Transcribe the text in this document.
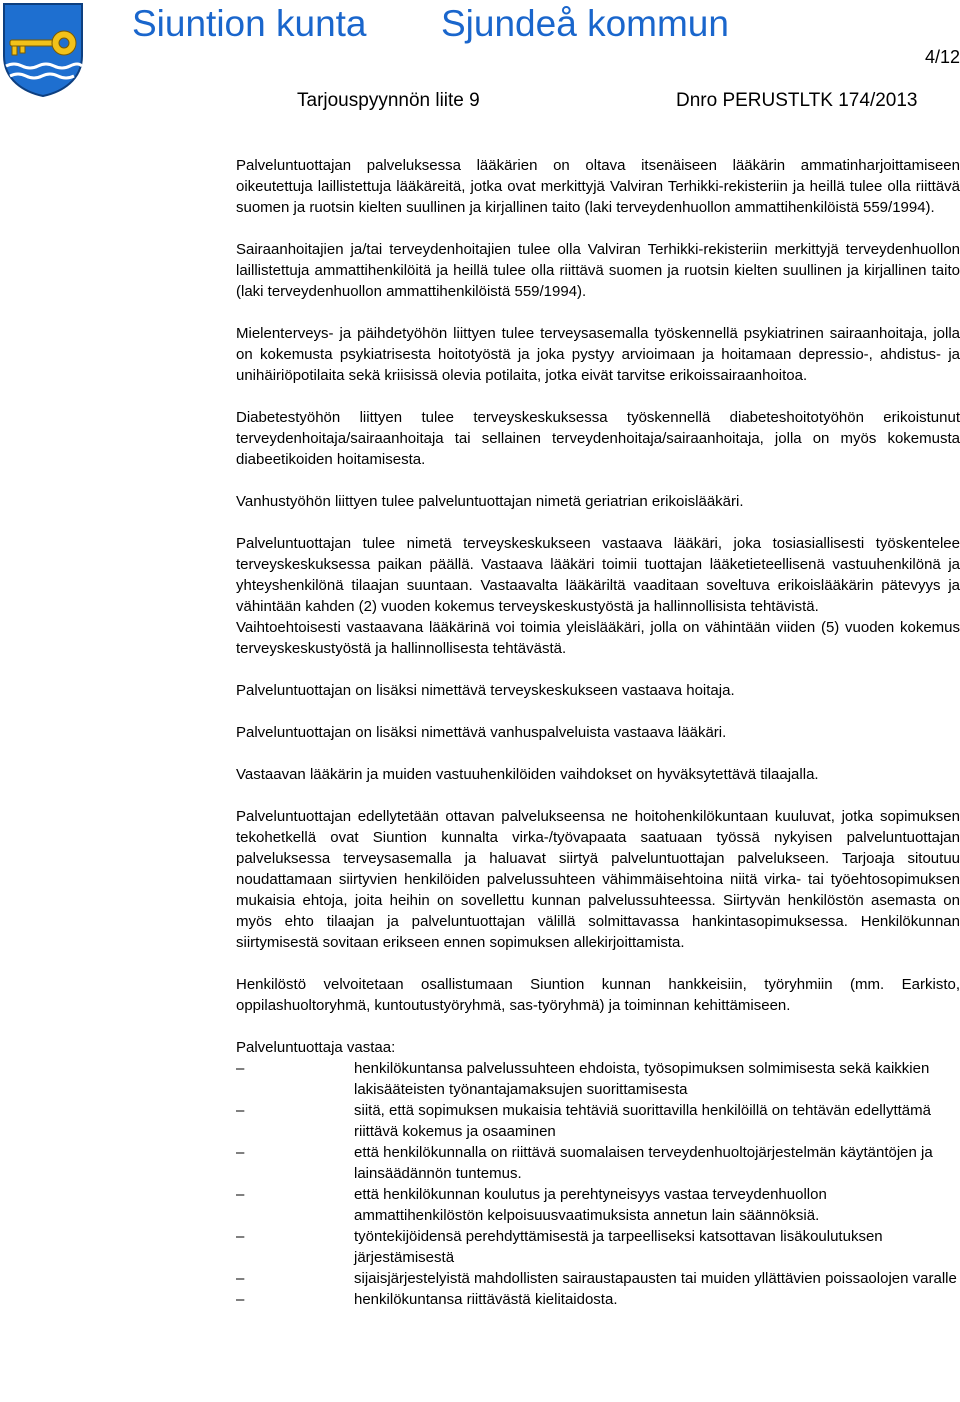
Siuntion kunta Sjundeå kommun
4/12
Tarjouspyynnön liite 9	Dnro PERUSTLTK 174/2013

Palveluntuottajan palveluksessa lääkärien on oltava itsenäiseen lääkärin ammatinharjoittamiseen oikeutettuja laillistettuja lääkäreitä, jotka ovat merkittyjä Valviran Terhikki-rekisteriin ja heillä tulee olla riittävä suomen ja ruotsin kielten suullinen ja kirjallinen taito (laki terveydenhuollon ammattihenkilöistä 559/1994).

Sairaanhoitajien ja/tai terveydenhoitajien tulee olla Valviran Terhikki-rekisteriin merkittyjä terveydenhuollon laillistettuja ammattihenkilöitä ja heillä tulee olla riittävä suomen ja ruotsin kielten suullinen ja kirjallinen taito (laki terveydenhuollon ammattihenkilöistä 559/1994).

Mielenterveys- ja päihdetyöhön liittyen tulee terveysasemalla työskennellä psykiatrinen sairaanhoitaja, jolla on kokemusta psykiatrisesta hoitotyöstä ja joka pystyy arvioimaan ja hoitamaan depressio-, ahdistus- ja unihäiriöpotilaita sekä kriisissä olevia potilaita, jotka eivät tarvitse erikoissairaanhoitoa.

Diabetestyöhön liittyen tulee terveyskeskuksessa työskennellä diabeteshoitotyöhön erikoistunut terveydenhoitaja/sairaanhoitaja tai sellainen terveydenhoitaja/sairaanhoitaja, jolla on myös kokemusta diabeetikoiden hoitamisesta.

Vanhustyöhön liittyen tulee palveluntuottajan nimetä geriatrian erikoislääkäri.

Palveluntuottajan tulee nimetä terveyskeskukseen vastaava lääkäri, joka tosiasiallisesti työskentelee terveyskeskuksessa paikan päällä. Vastaava lääkäri toimii tuottajan lääketieteellisenä vastuuhenkilönä ja yhteyshenkilönä tilaajan suuntaan. Vastaavalta lääkäriltä vaaditaan soveltuva erikoislääkärin pätevyys ja vähintään kahden (2) vuoden kokemus terveyskeskustyöstä ja hallinnollisista tehtävistä.

Vaihtoehtoisesti vastaavana lääkärinä voi toimia yleislääkäri, jolla on vähintään viiden (5) vuoden kokemus terveyskeskustyöstä ja hallinnollisesta tehtävästä.

Palveluntuottajan on lisäksi nimettävä terveyskeskukseen vastaava hoitaja.

Palveluntuottajan on lisäksi nimettävä vanhuspalveluista vastaava lääkäri.

Vastaavan lääkärin ja muiden vastuuhenkilöiden vaihdokset on hyväksytettävä tilaajalla.

Palveluntuottajan edellytetään ottavan palvelukseensa ne hoitohenkilökuntaan kuuluvat, jotka sopimuksen tekohetkellä ovat Siuntion kunnalta virka-/työvapaata saatuaan työssä nykyisen palveluntuottajan palveluksessa terveysasemalla ja haluavat siirtyä palveluntuottajan palvelukseen. Tarjoaja sitoutuu noudattamaan siirtyvien henkilöiden palvelussuhteen vähimmäisehtoina niitä virka- tai työehtosopimuksen mukaisia ehtoja, joita heihin on sovellettu kunnan palvelussuhteessa. Siirtyvän henkilöstön asemasta on myös ehto tilaajan ja palveluntuottajan välillä solmittavassa hankintasopimuksessa. Henkilökunnan siirtymisestä sovitaan erikseen ennen sopimuksen allekirjoittamista.

Henkilöstö velvoitetaan osallistumaan Siuntion kunnan hankkeisiin, työryhmiin (mm. Earkisto, oppilashuoltoryhmä, kuntoutustyöryhmä, sas-työryhmä) ja toiminnan kehittämiseen.

Palveluntuottaja vastaa:

–	henkilökuntansa palvelussuhteen ehdoista, työsopimuksen solmimisesta sekä kaikkien lakisääteisten työnantajamaksujen suorittamisesta
–	siitä, että sopimuksen mukaisia tehtäviä suorittavilla henkilöillä on tehtävän edellyttämä riittävä kokemus ja osaaminen
–	että henkilökunnalla on riittävä suomalaisen terveydenhuoltojärjestelmän käytäntöjen ja lainsäädännön tuntemus.
–	että henkilökunnan koulutus ja perehtyneisyys vastaa terveydenhuollon ammattihenkilöstön kelpoisuusvaatimuksista annetun lain säännöksiä.
–	työntekijöidensä perehdyttämisestä ja tarpeelliseksi katsottavan lisäkoulutuksen järjestämisestä
–	sijaisjärjestelyistä mahdollisten sairaustapausten tai muiden yllättävien poissaolojen varalle
–	henkilökuntansa riittävästä kielitaidosta.
